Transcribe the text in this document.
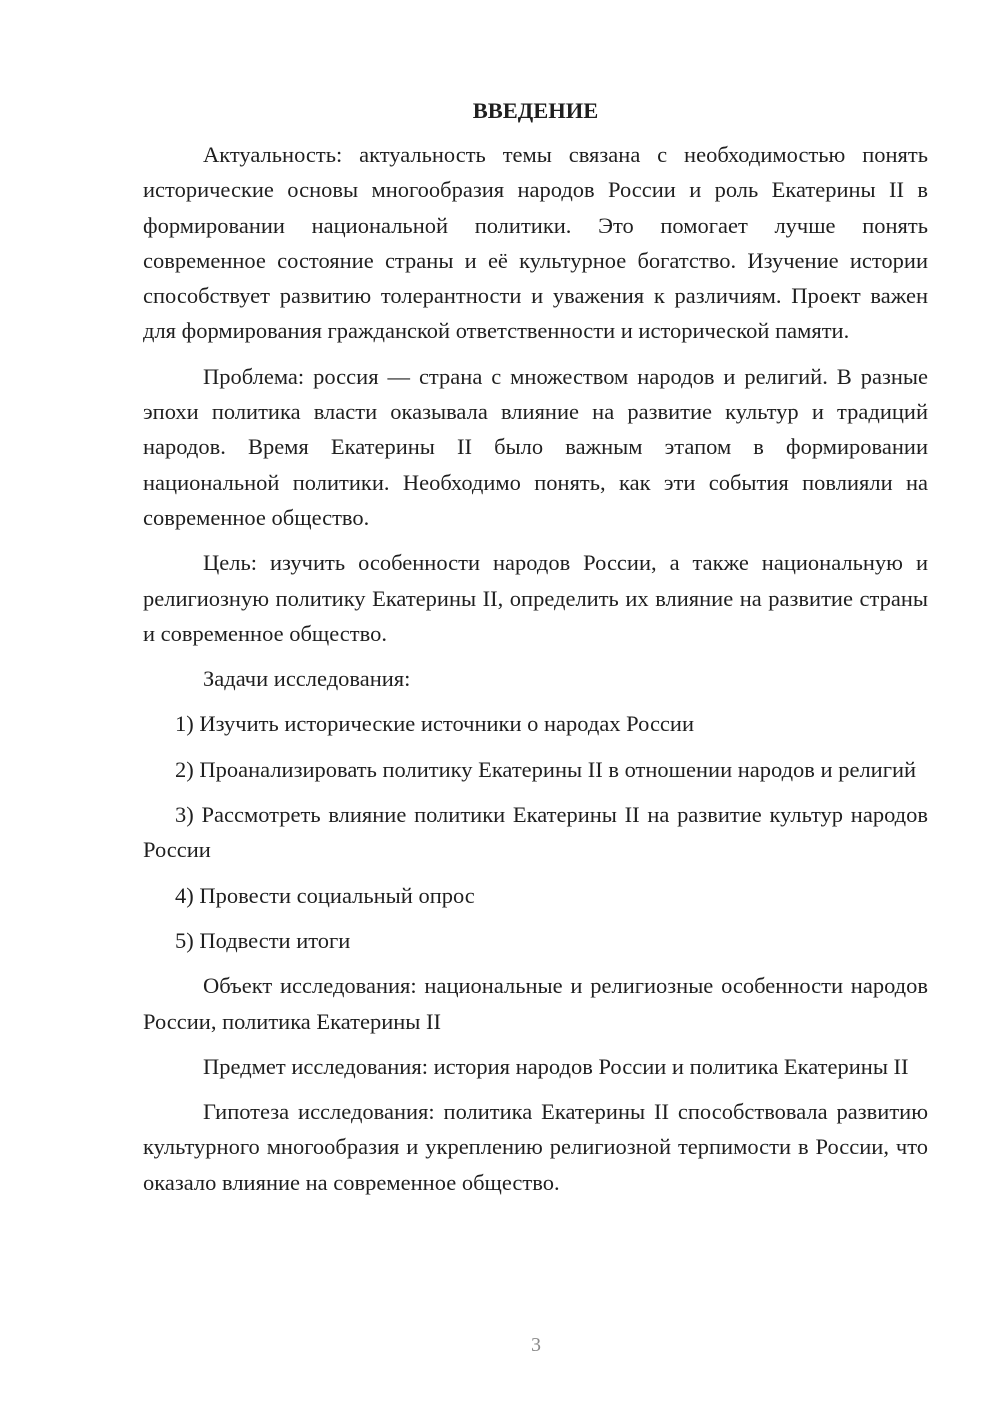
ВВЕДЕНИЕ

Актуальность: актуальность темы связана с необходимостью понять исторические основы многообразия народов России и роль Екатерины II в формировании национальной политики. Это помогает лучше понять современное состояние страны и её культурное богатство. Изучение истории способствует развитию толерантности и уважения к различиям. Проект важен для формирования гражданской ответственности и исторической памяти.

Проблема: россия — страна с множеством народов и религий. В разные эпохи политика власти оказывала влияние на развитие культур и традиций народов. Время Екатерины II было важным этапом в формировании национальной политики. Необходимо понять, как эти события повлияли на современное общество.

Цель: изучить особенности народов России, а также национальную и религиозную политику Екатерины II, определить их влияние на развитие страны и современное общество.

Задачи исследования:

1) Изучить исторические источники о народах России

2) Проанализировать политику Екатерины II в отношении народов и религий

3) Рассмотреть влияние политики Екатерины II на развитие культур народов России

4) Провести социальный опрос

5) Подвести итоги

Объект исследования: национальные и религиозные особенности народов России, политика Екатерины II

Предмет исследования: история народов России и политика Екатерины II

Гипотеза исследования: политика Екатерины II способствовала развитию культурного многообразия и укреплению религиозной терпимости в России, что оказало влияние на современное общество.

3
